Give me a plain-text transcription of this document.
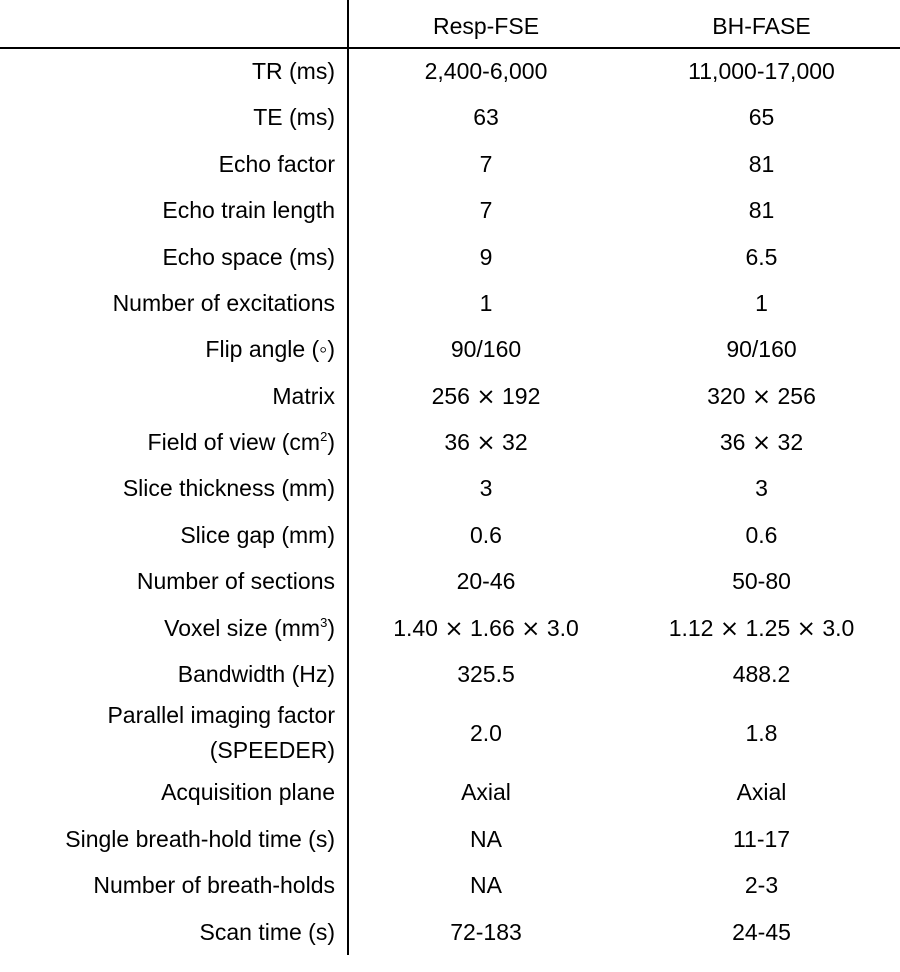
	Resp-FSE	BH-FASE
TR (ms)	2,400-6,000	11,000-17,000
TE (ms)	63	65
Echo factor	7	81
Echo train length	7	81
Echo space (ms)	9	6.5
Number of excitations	1	1
Flip angle (◦)	90/160	90/160
Matrix	256 ⨯ 192	320 ⨯ 256
Field of view $(cm^2)$	36 ⨯ 32	36 ⨯ 32
Slice thickness (mm)	3	3
Slice gap (mm)	0.6	0.6
Number of sections	20-46	50-80
Voxel size $(mm^3)$	1.40 ⨯ 1.66 ⨯ 3.0	1.12 ⨯ 1.25 ⨯ 3.0
Bandwidth (Hz)	325.5	488.2

Parallel imaging factor
(SPEEDER)	2.0	1.8
Acquisition plane	Axial	Axial
Single breath-hold time (s)	NA	11-17
Number of breath-holds	NA	2-3
Scan time (s)	72-183	24-45
